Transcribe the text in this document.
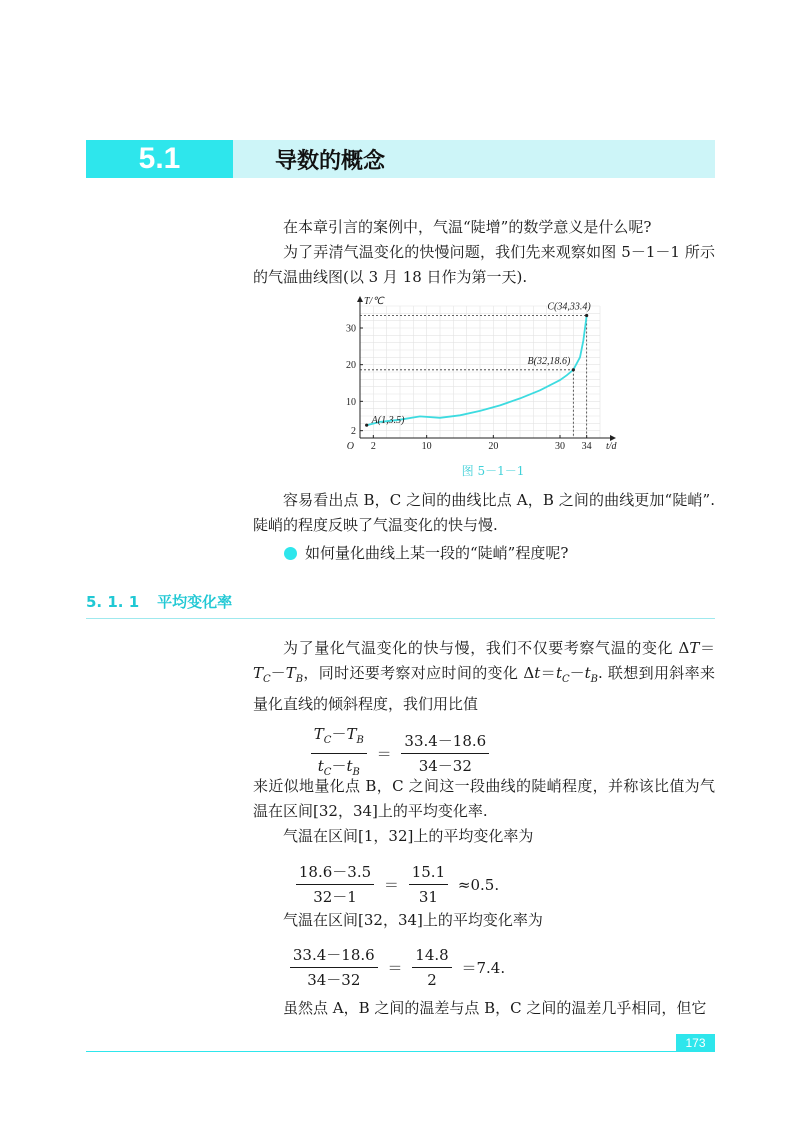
5.1	导数的概念

在本章引言的案例中，气温“陡增”的数学意义是什么呢?

为了弄清气温变化的快慢问题，我们先来观察如图 5－1－1 所示的气温曲线图(以 3 月 18 日作为第一天).

2	10	20	30 34
2
10
20
30
O
T/℃
t/d
A(1,3.5)
B(32,18.6)
C(34,33.4)
图 5－1－1

容易看出点 B，C 之间的曲线比点 A，B 之间的曲线更加“陡峭”. 陡峭的程度反映了气温变化的快与慢.

如何量化曲线上某一段的“陡峭”程度呢?
5. 1. 1 平均变化率

为了量化气温变化的快与慢，我们不仅要考察气温的变化 $\Delta T=T_C-T_B$，同时还要考察对应时间的变化 $\Delta t=t_C-t_B$. 联想到用斜率来量化直线的倾斜程度，我们用比值

$\frac{T_C-T_B}{t_C-t_B} = \frac{33.4-18.6}{34-32}$

来近似地量化点 B，C 之间这一段曲线的陡峭程度，并称该比值为气温在区间[32，34]上的平均变化率.

气温在区间[1，32]上的平均变化率为

$\frac{18.6-3.5}{32-1} = \frac{15.1}{31} \approx 0.5$.

气温在区间[32，34]上的平均变化率为

$\frac{33.4-18.6}{34-32} = \frac{14.8}{2} =7.4$.

虽然点 A，B 之间的温差与点 B，C 之间的温差几乎相同，但它

173
